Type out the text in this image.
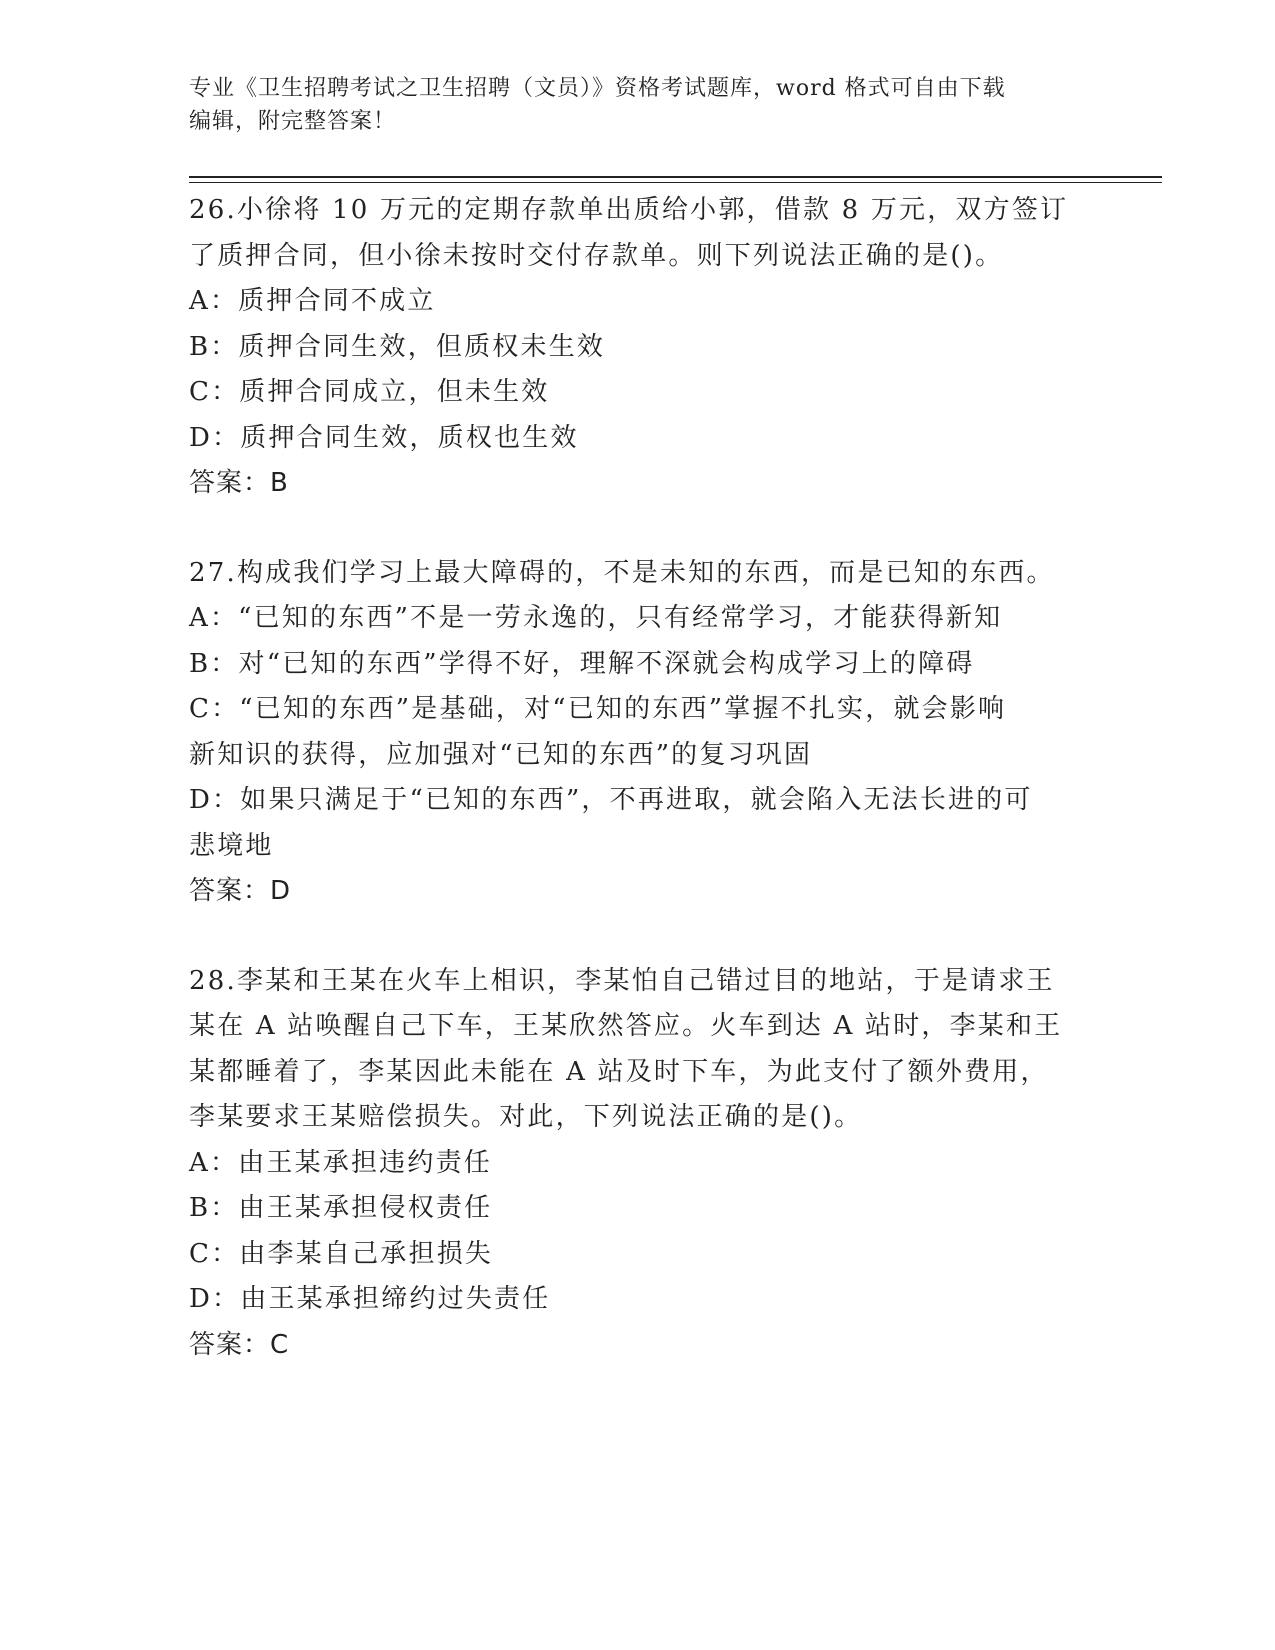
专业《卫生招聘考试之卫生招聘（文员）》资格考试题库，word 格式可自由下载
编辑，附完整答案！
26.小徐将 10 万元的定期存款单出质给小郭，借款 8 万元，双方签订
了质押合同，但小徐未按时交付存款单。则下列说法正确的是()。
A：质押合同不成立
B：质押合同生效，但质权未生效
C：质押合同成立，但未生效
D：质押合同生效，质权也生效
答案：B
27.构成我们学习上最大障碍的，不是未知的东西，而是已知的东西。
A：“已知的东西”不是一劳永逸的，只有经常学习，才能获得新知
B：对“已知的东西”学得不好，理解不深就会构成学习上的障碍
C：“已知的东西”是基础，对“已知的东西”掌握不扎实，就会影响
新知识的获得，应加强对“已知的东西”的复习巩固
D：如果只满足于“已知的东西”，不再进取，就会陷入无法长进的可
悲境地
答案：D
28.李某和王某在火车上相识，李某怕自己错过目的地站，于是请求王
某在 A 站唤醒自己下车，王某欣然答应。火车到达 A 站时，李某和王
某都睡着了，李某因此未能在 A 站及时下车，为此支付了额外费用，
李某要求王某赔偿损失。对此，下列说法正确的是()。
A：由王某承担违约责任
B：由王某承担侵权责任
C：由李某自己承担损失
D：由王某承担缔约过失责任
答案：C
